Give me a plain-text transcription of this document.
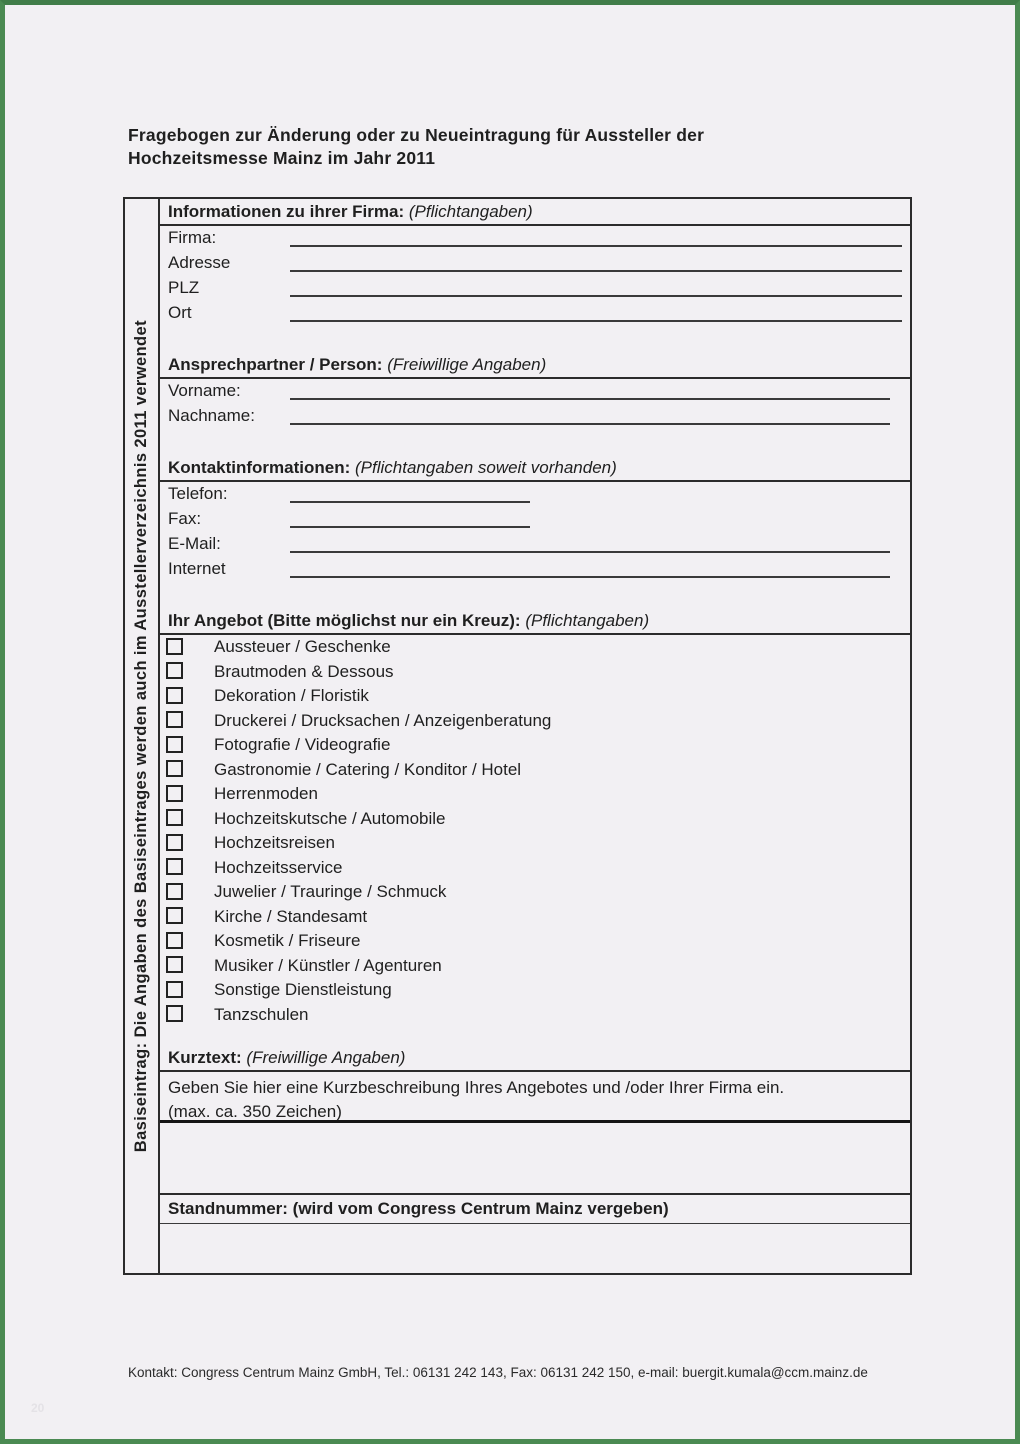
Fragebogen zur Änderung oder zu Neueintragung für Aussteller der
Hochzeitsmesse Mainz im Jahr 2011
Basiseintrag: Die Angaben des Basiseintrages werden auch im Ausstellerverzeichnis 2011 verwendet
Informationen zu ihrer Firma: (Pflichtangaben)
Firma:
Adresse
PLZ
Ort
Ansprechpartner / Person: (Freiwillige Angaben)
Vorname:
Nachname:
Kontaktinformationen: (Pflichtangaben soweit vorhanden)
Telefon:
Fax:
E-Mail:
Internet
Ihr Angebot (Bitte möglichst nur ein Kreuz): (Pflichtangaben)
Aussteuer / Geschenke
Brautmoden & Dessous
Dekoration / Floristik
Druckerei / Drucksachen / Anzeigenberatung
Fotografie / Videografie
Gastronomie / Catering / Konditor / Hotel
Herrenmoden
Hochzeitskutsche / Automobile
Hochzeitsreisen
Hochzeitsservice
Juwelier / Trauringe / Schmuck
Kirche / Standesamt
Kosmetik / Friseure
Musiker / Künstler / Agenturen
Sonstige Dienstleistung
Tanzschulen
Kurztext: (Freiwillige Angaben)
Geben Sie hier eine Kurzbeschreibung Ihres Angebotes und /oder Ihrer Firma ein. (max. ca. 350 Zeichen)
Standnummer: (wird vom Congress Centrum Mainz vergeben)
Kontakt: Congress Centrum Mainz GmbH, Tel.: 06131 242 143, Fax: 06131 242 150, e-mail: buergit.kumala@ccm.mainz.de
20
